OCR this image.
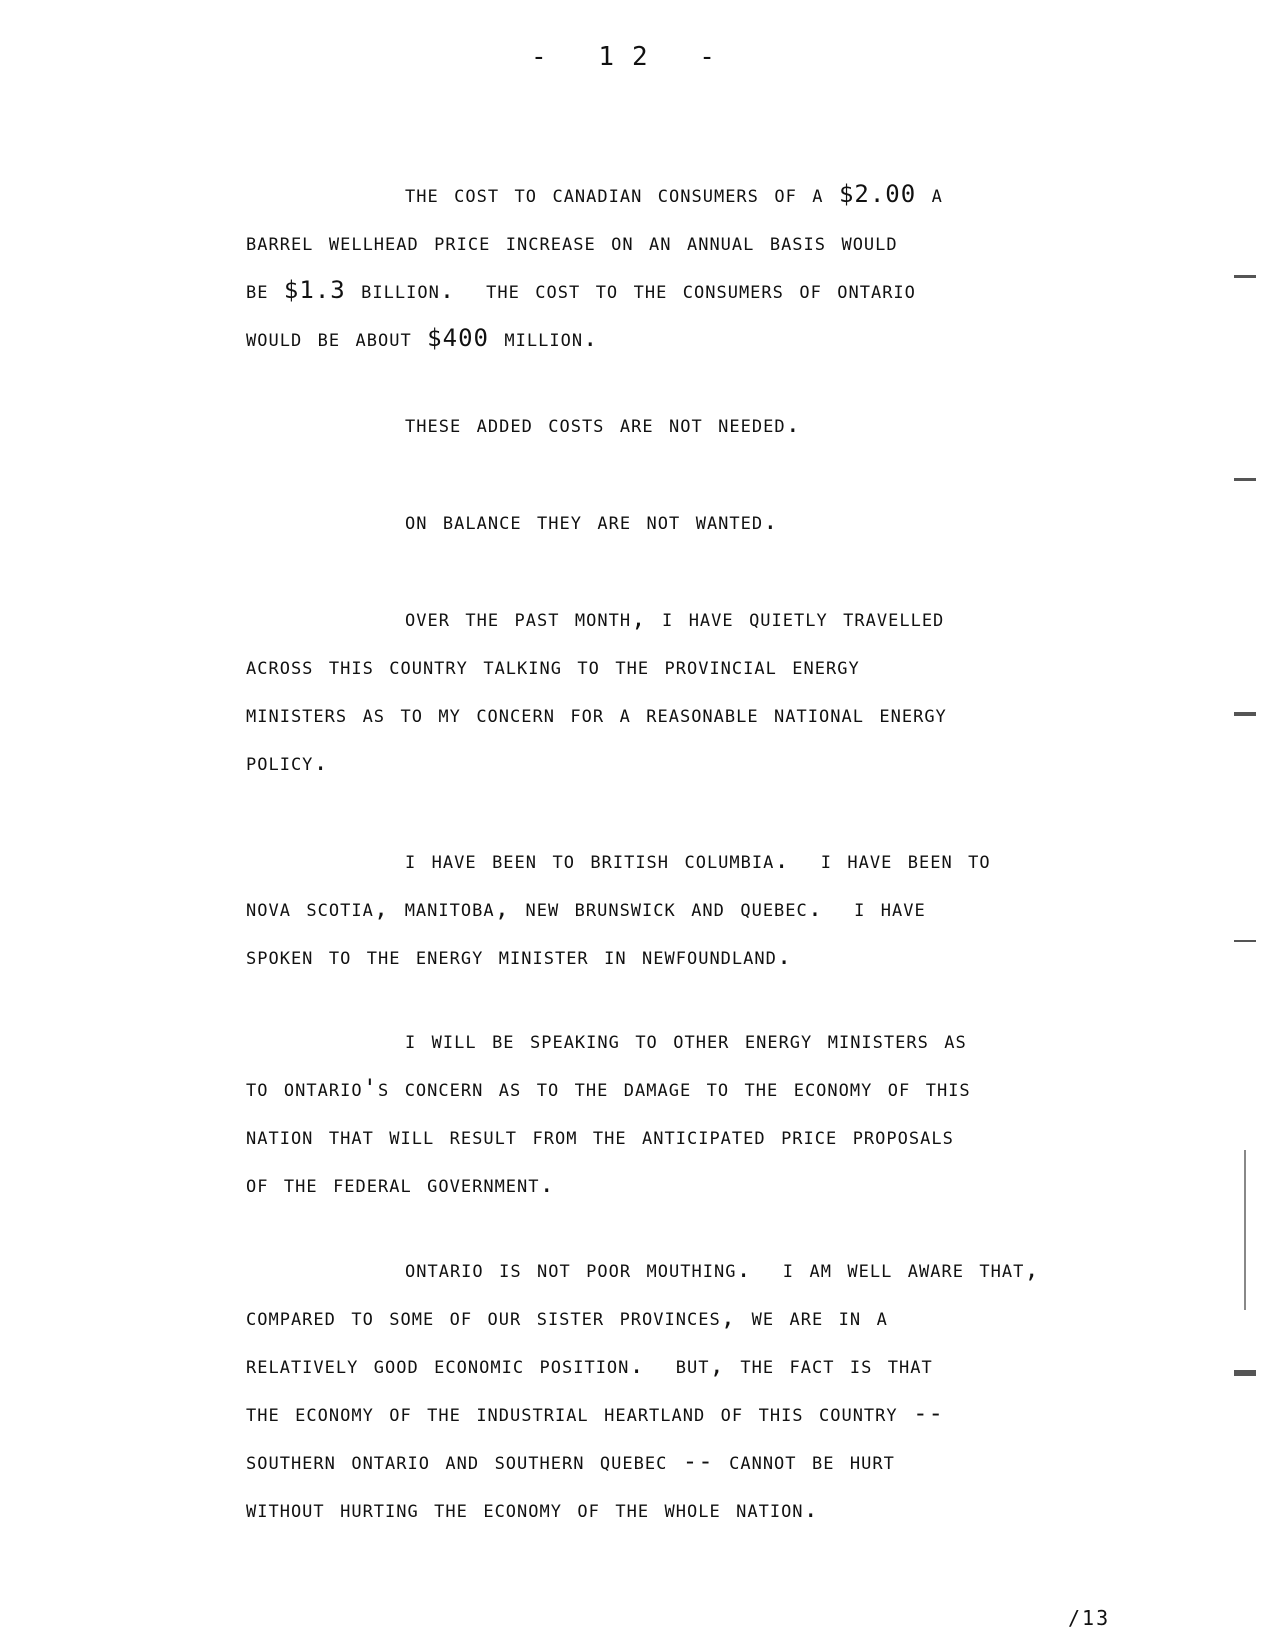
- 12 -
the cost to canadian consumers of a $2.00 a
barrel wellhead price increase on an annual basis would
be $1.3 billion.  the cost to the consumers of ontario
would be about $400 million.
these added costs are not needed.
on balance they are not wanted.
over the past month, i have quietly travelled
across this country talking to the provincial energy
ministers as to my concern for a reasonable national energy
policy.
i have been to british columbia.  i have been to
nova scotia, manitoba, new brunswick and quebec.  i have
spoken to the energy minister in newfoundland.
i will be speaking to other energy ministers as
to ontario's concern as to the damage to the economy of this
nation that will result from the anticipated price proposals
of the federal government.
ontario is not poor mouthing.  i am well aware that,
compared to some of our sister provinces, we are in a
relatively good economic position.  but, the fact is that
the economy of the industrial heartland of this country --
southern ontario and southern quebec -- cannot be hurt
without hurting the economy of the whole nation.
/13
